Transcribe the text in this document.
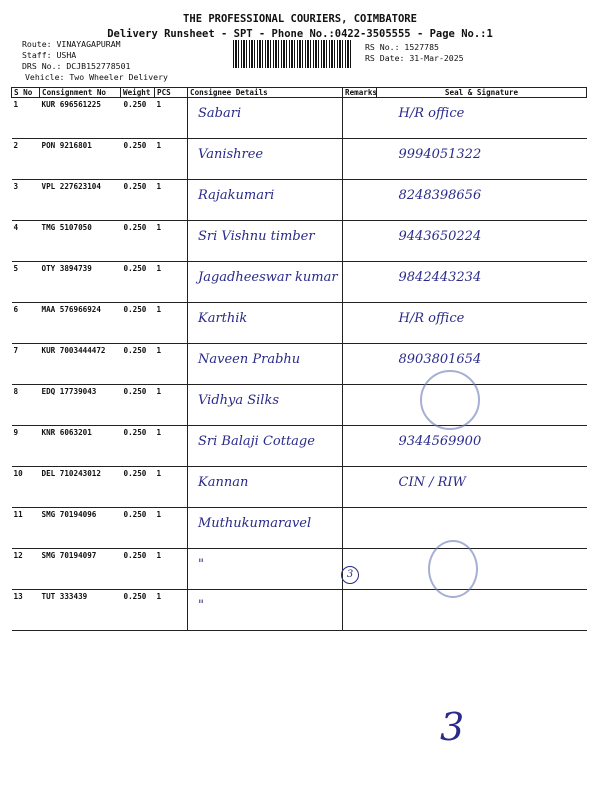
THE PROFESSIONAL COURIERS, COIMBATORE
Delivery Runsheet - SPT - Phone No.:0422-3505555 - Page No.:1
Route: VINAYAGAPURAM
Staff: USHA
DRS No.: DCJB152778501
Vehicle: Two Wheeler Delivery
RS No.: 1527785
RS Date: 31-Mar-2025
S No	Consignment No	Weight	PCS	Consignee Details	Remarks	Seal & Signature
1	KUR 696561225	0.250	1	Sabari		H/R office
2	PON 9216801	0.250	1	Vanishree		9994051322
3	VPL 227623104	0.250	1	Rajakumari		8248398656
4	TMG 5107050	0.250	1	Sri Vishnu timber		9443650224
5	OTY 3894739	0.250	1	Jagadheeswar kumar		9842443234
6	MAA 576966924	0.250	1	Karthik		H/R office
7	KUR 7003444472	0.250	1	Naveen Prabhu		8903801654
8	EDQ 17739043	0.250	1	Vidhya Silks		
9	KNR 6063201	0.250	1	Sri Balaji Cottage		9344569900
10	DEL 710243012	0.250	1	Kannan		CIN / RIW
11	SMG 70194096	0.250	1	Muthukumaravel		
12	SMG 70194097	0.250	1	"		
13	TUT 333439	0.250	1	"		
3
3
